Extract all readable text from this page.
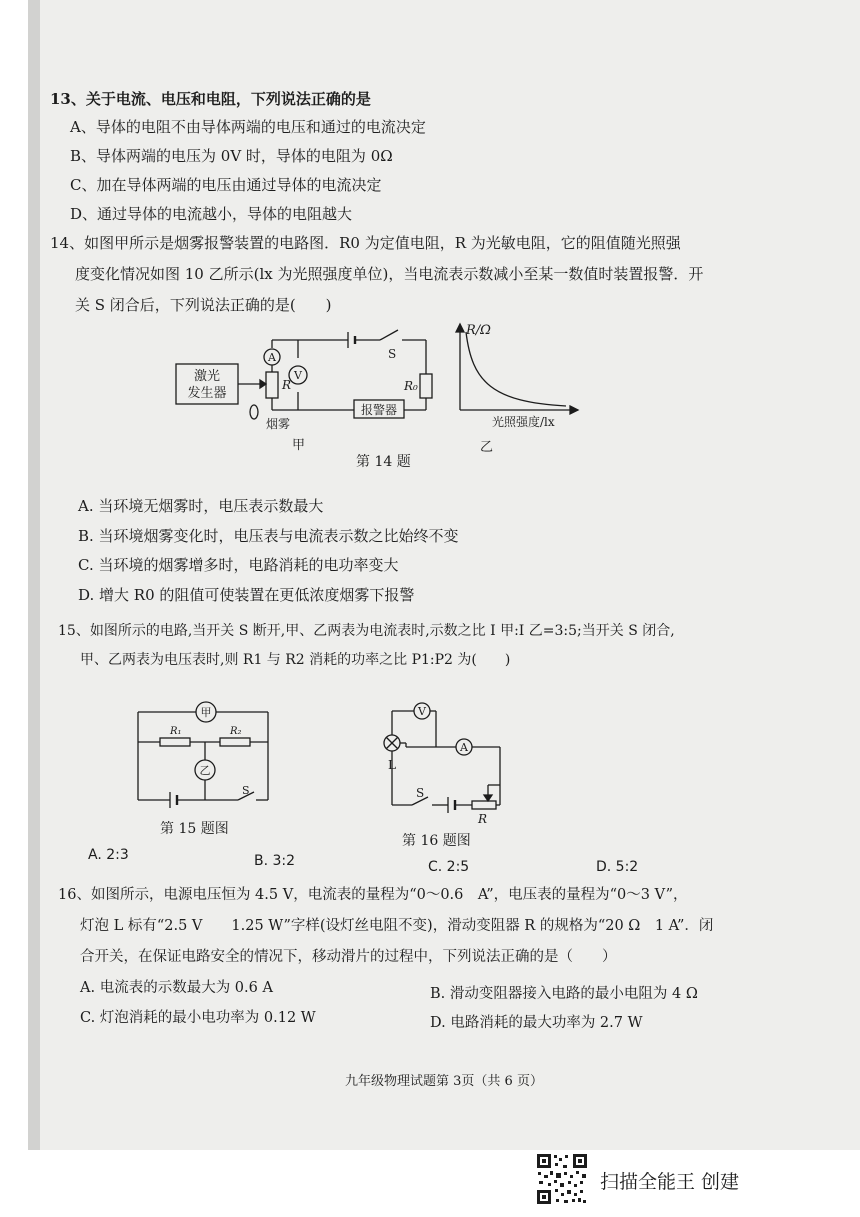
13、关于电流、电压和电阻，下列说法正确的是
A、导体的电阻不由导体两端的电压和通过的电流决定
B、导体两端的电压为 0V 时，导体的电阻为 0Ω
C、加在导体两端的电压由通过导体的电流决定
D、通过导体的电流越小，导体的电阻越大
14、如图甲所示是烟雾报警装置的电路图．R0 为定值电阻，R 为光敏电阻，它的阻值随光照强
度变化情况如图 10 乙所示(lx 为光照强度单位)，当电流表示数减小至某一数值时装置报警．开
关 S 闭合后，下列说法正确的是(　　)
激光
发生器
A
V
R	R₀
S
报警器
烟雾
R/Ω
光照强度/lx
甲	乙
第 14 题
A. 当环境无烟雾时，电压表示数最大
B. 当环境烟雾变化时，电压表与电流表示数之比始终不变
C. 当环境的烟雾增多时，电路消耗的电功率变大
D. 增大 R0 的阻值可使装置在更低浓度烟雾下报警
15、如图所示的电路,当开关 S 断开,甲、乙两表为电流表时,示数之比 I 甲:I 乙=3:5;当开关 S 闭合,
甲、乙两表为电压表时,则 R1 与 R2 消耗的功率之比 P1:P2 为(　　)
甲
乙
R₁	R₂
S
第 15 题图
V
A
L
S
R
第 16 题图
A. 2:3	B. 3:2	C. 2:5	D. 5:2
16、如图所示，电源电压恒为 4.5 V，电流表的量程为“0～0.6　A”，电压表的量程为“0～3 V”，
灯泡 L 标有“2.5 V　　1.25 W”字样(设灯丝电阻不变)，滑动变阻器 R 的规格为“20 Ω　1 A”．闭
合开关，在保证电路安全的情况下，移动滑片的过程中，下列说法正确的是（　　）
A. 电流表的示数最大为 0.6 A
C. 灯泡消耗的最小电功率为 0.12 W
B. 滑动变阻器接入电路的最小电阻为 4 Ω
D. 电路消耗的最大功率为 2.7 W
九年级物理试题第 3页（共 6 页）
扫描全能王 创建
